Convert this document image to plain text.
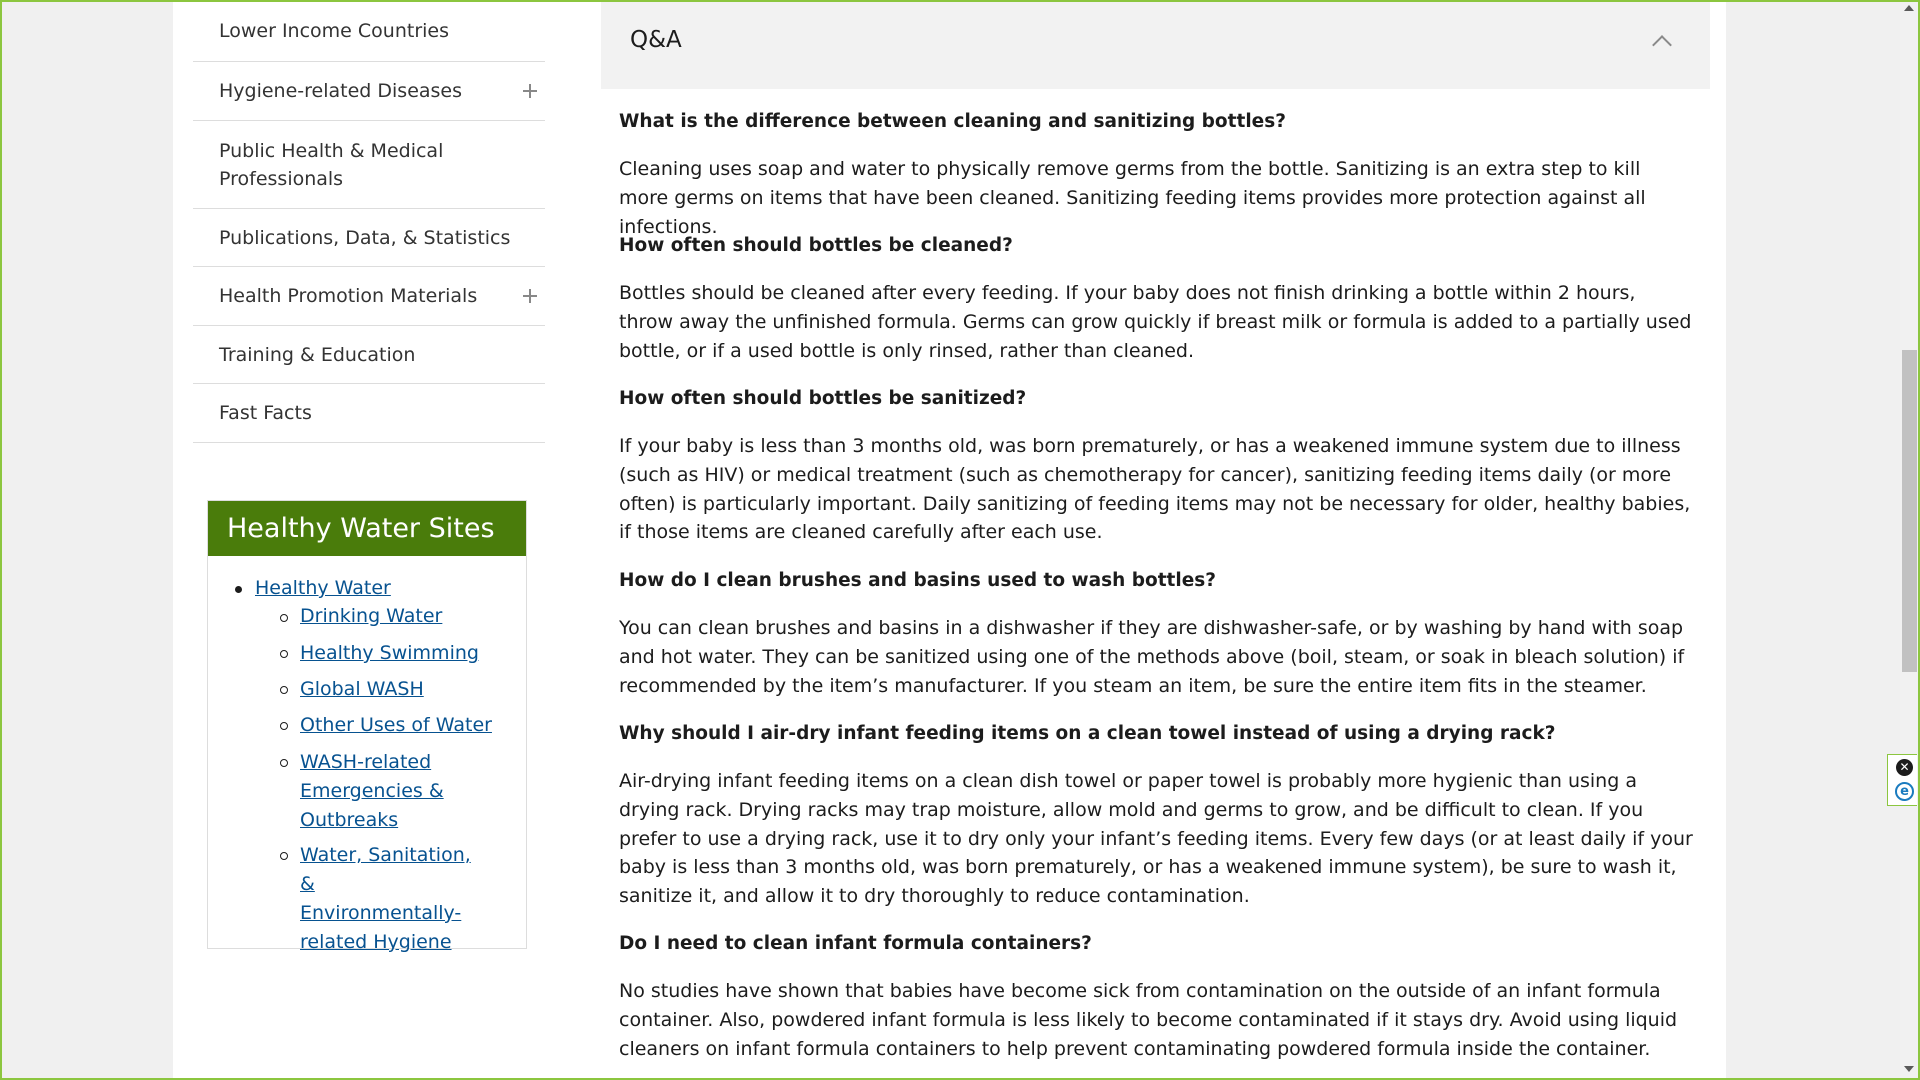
Lower Income Countries
Hygiene-related Diseases
Public Health & Medical Professionals
Publications, Data, & Statistics
Health Promotion Materials
Training & Education
Fast Facts
Healthy Water Sites
Healthy Water
Drinking Water
Healthy Swimming
Global WASH
Other Uses of Water
WASH-related Emergencies & Outbreaks
Water, Sanitation, & Environmentally-related Hygiene
Q&A
What is the difference between cleaning and sanitizing bottles?
Cleaning uses soap and water to physically remove germs from the bottle. Sanitizing is an extra step to kill more germs on items that have been cleaned. Sanitizing feeding items provides more protection against all infections.
How often should bottles be cleaned?
Bottles should be cleaned after every feeding. If your baby does not finish drinking a bottle within 2 hours, throw away the unfinished formula. Germs can grow quickly if breast milk or formula is added to a partially used bottle, or if a used bottle is only rinsed, rather than cleaned.
How often should bottles be sanitized?
If your baby is less than 3 months old, was born prematurely, or has a weakened immune system due to illness (such as HIV) or medical treatment (such as chemotherapy for cancer), sanitizing feeding items daily (or more often) is particularly important. Daily sanitizing of feeding items may not be necessary for older, healthy babies, if those items are cleaned carefully after each use.
How do I clean brushes and basins used to wash bottles?
You can clean brushes and basins in a dishwasher if they are dishwasher-safe, or by washing by hand with soap and hot water. They can be sanitized using one of the methods above (boil, steam, or soak in bleach solution) if recommended by the item’s manufacturer. If you steam an item, be sure the entire item fits in the steamer.
Why should I air-dry infant feeding items on a clean towel instead of using a drying rack?
Air-drying infant feeding items on a clean dish towel or paper towel is probably more hygienic than using a drying rack. Drying racks may trap moisture, allow mold and germs to grow, and be difficult to clean. If you prefer to use a drying rack, use it to dry only your infant’s feeding items. Every few days (or at least daily if your baby is less than 3 months old, was born prematurely, or has a weakened immune system), be sure to wash it, sanitize it, and allow it to dry thoroughly to reduce contamination.
Do I need to clean infant formula containers?
No studies have shown that babies have become sick from contamination on the outside of an infant formula container. Also, powdered infant formula is less likely to become contaminated if it stays dry. Avoid using liquid cleaners on infant formula containers to help prevent contaminating powdered formula inside the container.
✕
e
